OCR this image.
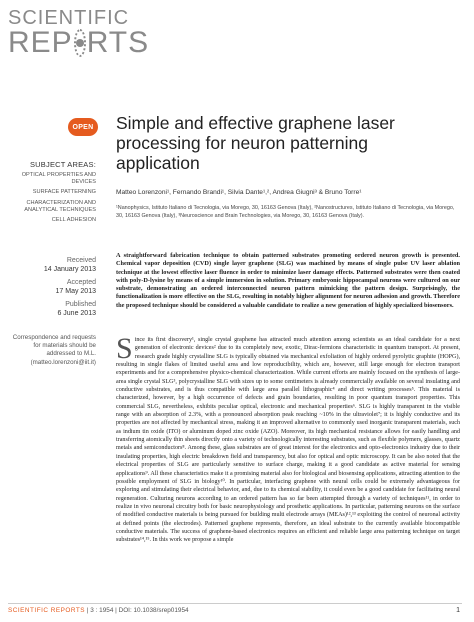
SCIENTIFIC
REP RTS
OPEN
SUBJECT AREAS:
OPTICAL PROPERTIES AND DEVICES
SURFACE PATTERNING
CHARACTERIZATION AND ANALYTICAL TECHNIQUES
CELL ADHESION
Received
14 January 2013
Accepted
17 May 2013
Published
6 June 2013
Correspondence and requests for materials should be addressed to M.L. (matteo.lorenzoni@iit.it)
Simple and effective graphene laser processing for neuron patterning application
Matteo Lorenzoni¹, Fernando Brandi¹, Silvia Dante¹,², Andrea Giugni³ & Bruno Torre¹
¹Nanophysics, Istituto Italiano di Tecnologia, via Morego, 30, 16163 Genova (Italy), ²Nanostructures, Istituto Italiano di Tecnologia, via Morego, 30, 16163 Genova (Italy), ³Neuroscience and Brain Technologies, via Morego, 30, 16163 Genova (Italy).
A straightforward fabrication technique to obtain patterned substrates promoting ordered neuron growth is presented. Chemical vapor deposition (CVD) single layer graphene (SLG) was machined by means of single pulse UV laser ablation technique at the lowest effective laser fluence in order to minimize laser damage effects. Patterned substrates were then coated with poly-D-lysine by means of a simple immersion in solution. Primary embryonic hippocampal neurons were cultured on our substrate, demonstrating an ordered interconnected neuron pattern mimicking the pattern design. Surprisingly, the functionalization is more effective on the SLG, resulting in notably higher alignment for neuron adhesion and growth. Therefore the proposed technique should be considered a valuable candidate to realize a new generation of highly specialized biosensors.
Since its first discovery¹, single crystal graphene has attracted much attention among scientists as an ideal candidate for a next generation of electronic devices² due to its completely new, exotic, Dirac-fermions characteristic in quantum transport. At present, research grade highly crystalline SLG is typically obtained via mechanical exfoliation of highly ordered pyrolytic graphite (HOPG), resulting in single flakes of limited useful area and low reproducibility, which are, however, still large enough for electron transport experiments and for a comprehensive physico-chemical characterization. While current efforts are mainly focused on the synthesis of large-area single crystal SLG³, polycrystalline SLG with sizes up to some centimeters is already commercially available on several insulating and conductive substrates, and is thus compatible with large area parallel lithographic⁴ and direct writing processes⁵. This material is characterized, however, by a high occurrence of defects and grain boundaries, resulting in poor quantum transport properties. This commercial SLG, nevertheless, exhibits peculiar optical, electronic and mechanical properties⁶. SLG is highly transparent in the visible range with an absorption of 2.3%, with a pronounced absorption peak reaching ~10% in the ultraviolet⁷; it is highly conductive and its properties are not affected by mechanical stress, making it an improved alternative to commonly used inorganic transparent materials, such as indium tin oxide (ITO) or aluminum doped zinc oxide (AZO). Moreover, its high mechanical resistance allows for easily handling and transferring atomically thin sheets directly onto a variety of technologically interesting substrates, such as flexible polymers, glasses, quartz metals and semiconductors⁸. Among these, glass substrates are of great interest for the electronics and opto-electronics industry due to their insulating properties, high electric breakdown field and transparency, but also for optical and optic microscopy. It can be also noted that the electrical properties of SLG are particularly sensitive to surface charge, making it a good candidate as active material for sensing applications⁹. All these characteristics make it a promising material also for biological and biosensing applications, attracting attention to the possible employment of SLG in biology¹⁰. In particular, interfacing graphene with neural cells could be extremely advantageous for exploring and stimulating their electrical behavior, and, due to its chemical stability, it could even be a good candidate for facilitating neural regeneration. Culturing neurons according to an ordered pattern has so far been attempted through a variety of techniques¹¹, in order to realize in vivo neuronal circuitry both for basic neurophysiology and prosthetic applications. In particular, patterning neurons on the surface of modified conductive materials is being pursued for building multi electrode arrays (MEAs)¹²,¹³ exploiting the control of neuronal activity at defined points (the electrodes). Patterned graphene represents, therefore, an ideal substrate to the currently available biocompatible conductive materials. The success of graphene-based electronics requires an efficient and reliable large area patterning technique on target substrates¹⁴,¹⁵. In this work we propose a simple
SCIENTIFIC REPORTS | 3 : 1954 | DOI: 10.1038/srep01954	1
